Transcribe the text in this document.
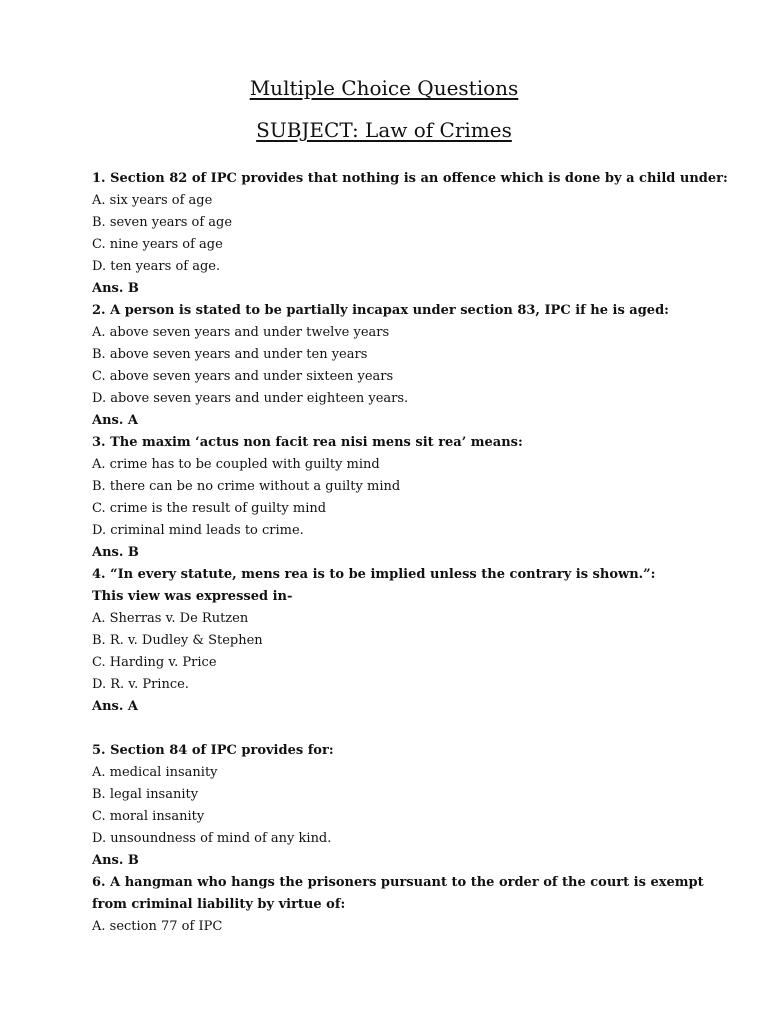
Multiple Choice Questions
SUBJECT: Law of Crimes
1. Section 82 of IPC provides that nothing is an offence which is done by a child under:
A. six years of age
B. seven years of age
C. nine years of age
D. ten years of age.
Ans. B
2. A person is stated to be partially incapax under section 83, IPC if he is aged:
A. above seven years and under twelve years
B. above seven years and under ten years
C. above seven years and under sixteen years
D. above seven years and under eighteen years.
Ans. A
3. The maxim ‘actus non facit rea nisi mens sit rea’ means:
A. crime has to be coupled with guilty mind
B. there can be no crime without a guilty mind
C. crime is the result of guilty mind
D. criminal mind leads to crime.
Ans. B
4. “In every statute, mens rea is to be implied unless the contrary is shown.”:
This view was expressed in-
A. Sherras v. De Rutzen
B. R. v. Dudley & Stephen
C. Harding v. Price
D. R. v. Prince.
Ans. A
5. Section 84 of IPC provides for:
A. medical insanity
B. legal insanity
C. moral insanity
D. unsoundness of mind of any kind.
Ans. B
6. A hangman who hangs the prisoners pursuant to the order of the court is exempt
from criminal liability by virtue of:
A. section 77 of IPC
